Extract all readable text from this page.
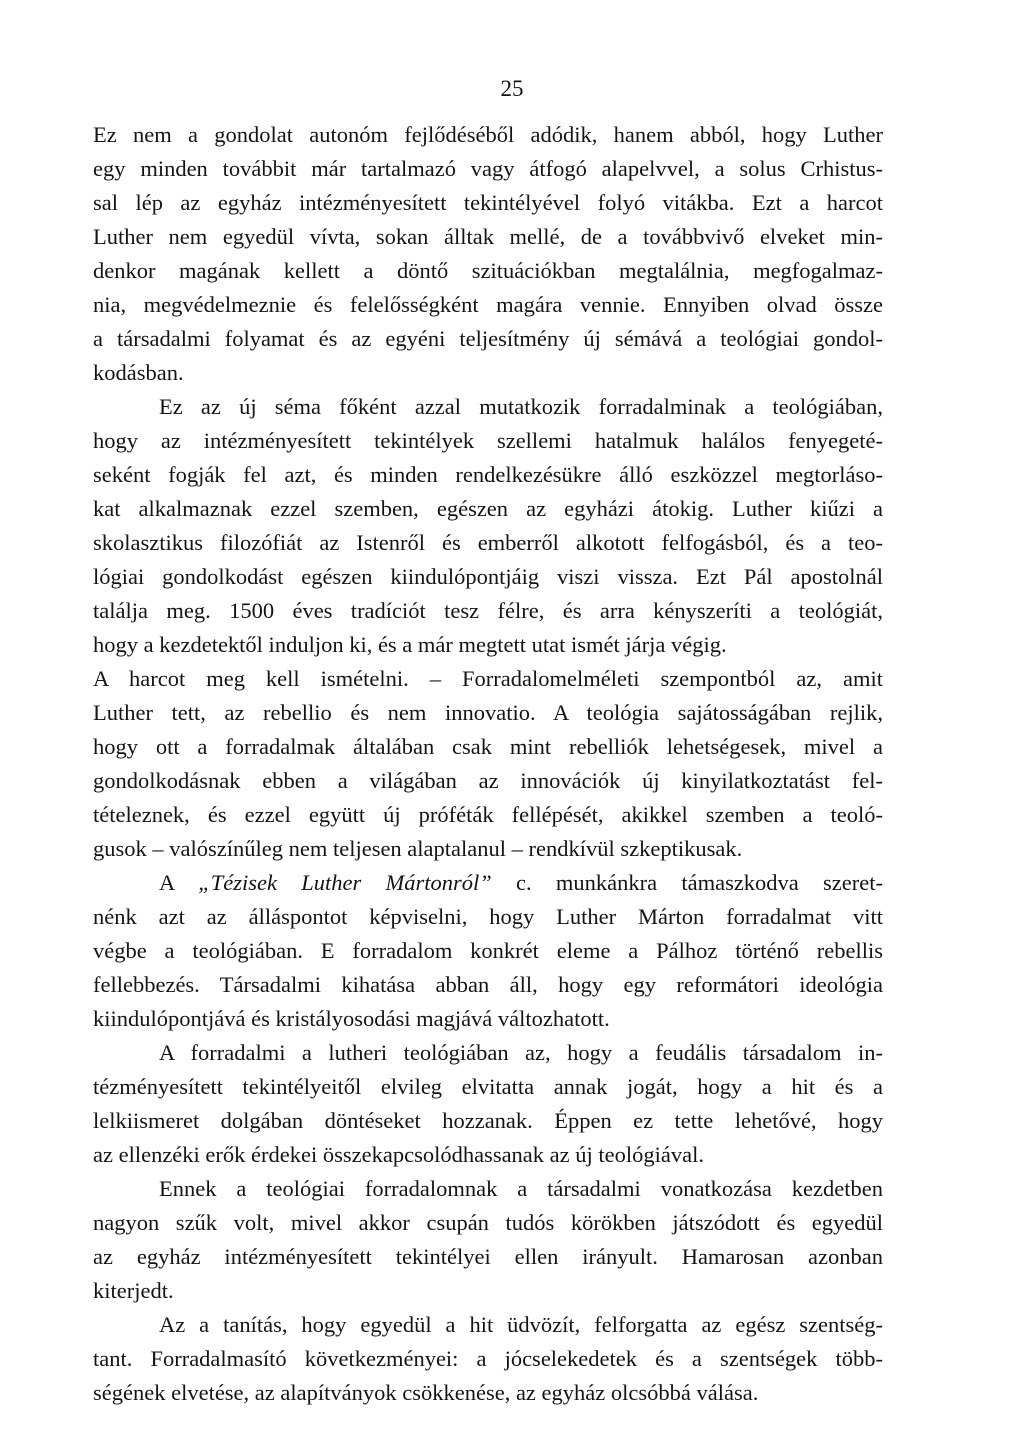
25
Ez nem a gondolat autonóm fejlődéséből adódik, hanem abból, hogy Luther
egy minden továbbit már tartalmazó vagy átfogó alapelvvel, a solus Crhistus-
sal lép az egyház intézményesített tekintélyével folyó vitákba. Ezt a harcot
Luther nem egyedül vívta, sokan álltak mellé, de a továbbvivő elveket min-
denkor magának kellett a döntő szituációkban megtalálnia, megfogalmaz-
nia, megvédelmeznie és felelősségként magára vennie. Ennyiben olvad össze
a társadalmi folyamat és az egyéni teljesítmény új sémává a teológiai gondol-
kodásban.
Ez az új séma főként azzal mutatkozik forradalminak a teológiában,
hogy az intézményesített tekintélyek szellemi hatalmuk halálos fenyegeté-
seként fogják fel azt, és minden rendelkezésükre álló eszközzel megtorláso-
kat alkalmaznak ezzel szemben, egészen az egyházi átokig. Luther kiűzi a
skolasztikus filozófiát az Istenről és emberről alkotott felfogásból, és a teo-
lógiai gondolkodást egészen kiindulópontjáig viszi vissza. Ezt Pál apostolnál
találja meg. 1500 éves tradíciót tesz félre, és arra kényszeríti a teológiát,
hogy a kezdetektől induljon ki, és a már megtett utat ismét járja végig.
A harcot meg kell ismételni. – Forradalomelméleti szempontból az, amit
Luther tett, az rebellio és nem innovatio. A teológia sajátosságában rejlik,
hogy ott a forradalmak általában csak mint rebelliók lehetségesek, mivel a
gondolkodásnak ebben a világában az innovációk új kinyilatkoztatást fel-
tételeznek, és ezzel együtt új próféták fellépését, akikkel szemben a teoló-
gusok – valószínűleg nem teljesen alaptalanul – rendkívül szkeptikusak.
A „Tézisek Luther Mártonról” c. munkánkra támaszkodva szeret-
nénk azt az álláspontot képviselni, hogy Luther Márton forradalmat vitt
végbe a teológiában. E forradalom konkrét eleme a Pálhoz történő rebellis
fellebbezés. Társadalmi kihatása abban áll, hogy egy reformátori ideológia
kiindulópontjává és kristályosodási magjává változhatott.
A forradalmi a lutheri teológiában az, hogy a feudális társadalom in-
tézményesített tekintélyeitől elvileg elvitatta annak jogát, hogy a hit és a
lelkiismeret dolgában döntéseket hozzanak. Éppen ez tette lehetővé, hogy
az ellenzéki erők érdekei összekapcsolódhassanak az új teológiával.
Ennek a teológiai forradalomnak a társadalmi vonatkozása kezdetben
nagyon szűk volt, mivel akkor csupán tudós körökben játszódott és egyedül
az egyház intézményesített tekintélyei ellen irányult. Hamarosan azonban
kiterjedt.
Az a tanítás, hogy egyedül a hit üdvözít, felforgatta az egész szentség-
tant. Forradalmasító következményei: a jócselekedetek és a szentségek több-
ségének elvetése, az alapítványok csökkenése, az egyház olcsóbbá válása.
